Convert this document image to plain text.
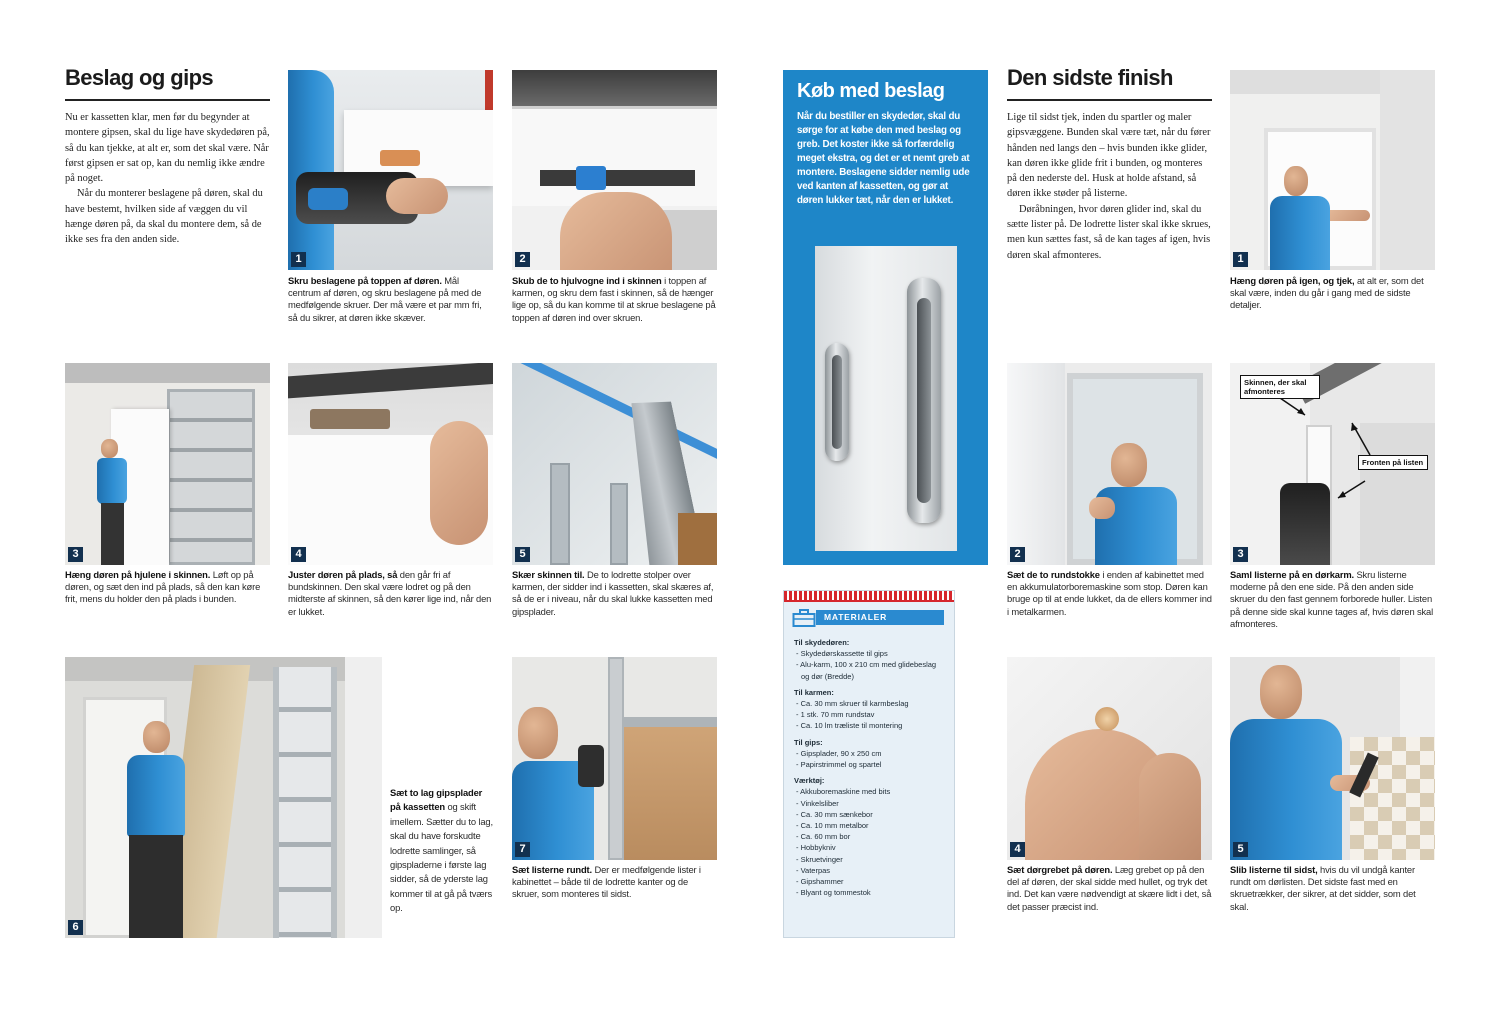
Beslag og gips

Nu er kassetten klar, men før du begynder at montere gipsen, skal du lige have skydedøren på, så du kan tjekke, at alt er, som det skal være. Når først gipsen er sat op, kan du nemlig ikke ændre på noget.

Når du monterer beslagene på døren, skal du have bestemt, hvilken side af væggen du vil hænge døren på, da skal du montere dem, så de ikke ses fra den anden side.

1

Skru beslagene på toppen af døren. Mål centrum af døren, og skru beslagene på med de medfølgende skruer. Der må være et par mm fri, så du sikrer, at døren ikke skæver.

2

Skub de to hjulvogne ind i skinnen i toppen af karmen, og skru dem fast i skinnen, så de hænger lige op, så du kan komme til at skrue beslagene på toppen af døren ind over skruen.

3

Hæng døren på hjulene i skinnen. Løft op på døren, og sæt den ind på plads, så den kan køre frit, mens du holder den på plads i bunden.

4

Juster døren på plads, så den går fri af bundskinnen. Den skal være lodret og på den midterste af skinnen, så den kører lige ind, når den er lukket.

5

Skær skinnen til. De to lodrette stolper over karmen, der sidder ind i kassetten, skal skæres af, så de er i niveau, når du skal lukke kassetten med gipsplader.

6

Sæt to lag gipsplader på kassetten og skift imellem. Sætter du to lag, skal du have forskudte lodrette samlinger, så gipspladerne i første lag sidder, så de yderste lag kommer til at gå på tværs op.

7

Sæt listerne rundt. Der er medfølgende lister i kabinettet – både til de lodrette kanter og de skruer, som monteres til sidst.

Køb med beslag

Når du bestiller en skydedør, skal du sørge for at købe den med beslag og greb. Det koster ikke så forfærdelig meget ekstra, og det er et nemt greb at montere. Beslagene sidder nemlig ude ved kanten af kassetten, og gør at døren lukker tæt, når den er lukket.

MATERIALER
Til skydedøren:
- Skydedørskassette til gips
- Alu-karm, 100 x 210 cm med glidebeslag og dør (Bredde)
Til karmen:
- Ca. 30 mm skruer til karmbeslag
- 1 stk. 70 mm rundstav
- Ca. 10 lm træliste til montering
Til gips:
- Gipsplader, 90 x 250 cm
- Papirstrimmel og spartel
Værktøj:
- Akkuboremaskine med bits
- Vinkelsliber
- Ca. 30 mm sænkebor
- Ca. 10 mm metalbor
- Ca. 60 mm bor
- Hobbykniv
- Skruetvinger
- Vaterpas
- Gipshammer
- Blyant og tommestok
Den sidste finish

Lige til sidst tjek, inden du spartler og maler gipsvæggene. Bunden skal være tæt, når du fører hånden ned langs den – hvis bunden ikke glider, kan døren ikke glide frit i bunden, og monteres på den nederste del. Husk at holde afstand, så døren ikke støder på listerne.

Døråbningen, hvor døren glider ind, skal du sætte lister på. De lodrette lister skal ikke skrues, men kun sættes fast, så de kan tages af igen, hvis døren skal afmonteres.	1

Hæng døren på igen, og tjek, at alt er, som det skal være, inden du går i gang med de sidste detaljer.

2

Sæt de to rundstokke i enden af kabinettet med en akkumulatorboremaskine som stop. Døren kan bruge op til at ende lukket, da de ellers kommer ind i metalkarmen.

Skinnen, der skal afmonteres
Fronten på listen
3

Saml listerne på en dørkarm. Skru listerne moderne på den ene side. På den anden side skruer du den fast gennem forborede huller. Listen på denne side skal kunne tages af, hvis døren skal afmonteres.

4

Sæt dørgrebet på døren. Læg grebet op på den del af døren, der skal sidde med hullet, og tryk det ind. Det kan være nødvendigt at skære lidt i det, så det passer præcist ind.

5

Slib listerne til sidst, hvis du vil undgå kanter rundt om dørlisten. Det sidste fast med en skruetrækker, der sikrer, at det sidder, som det skal.
